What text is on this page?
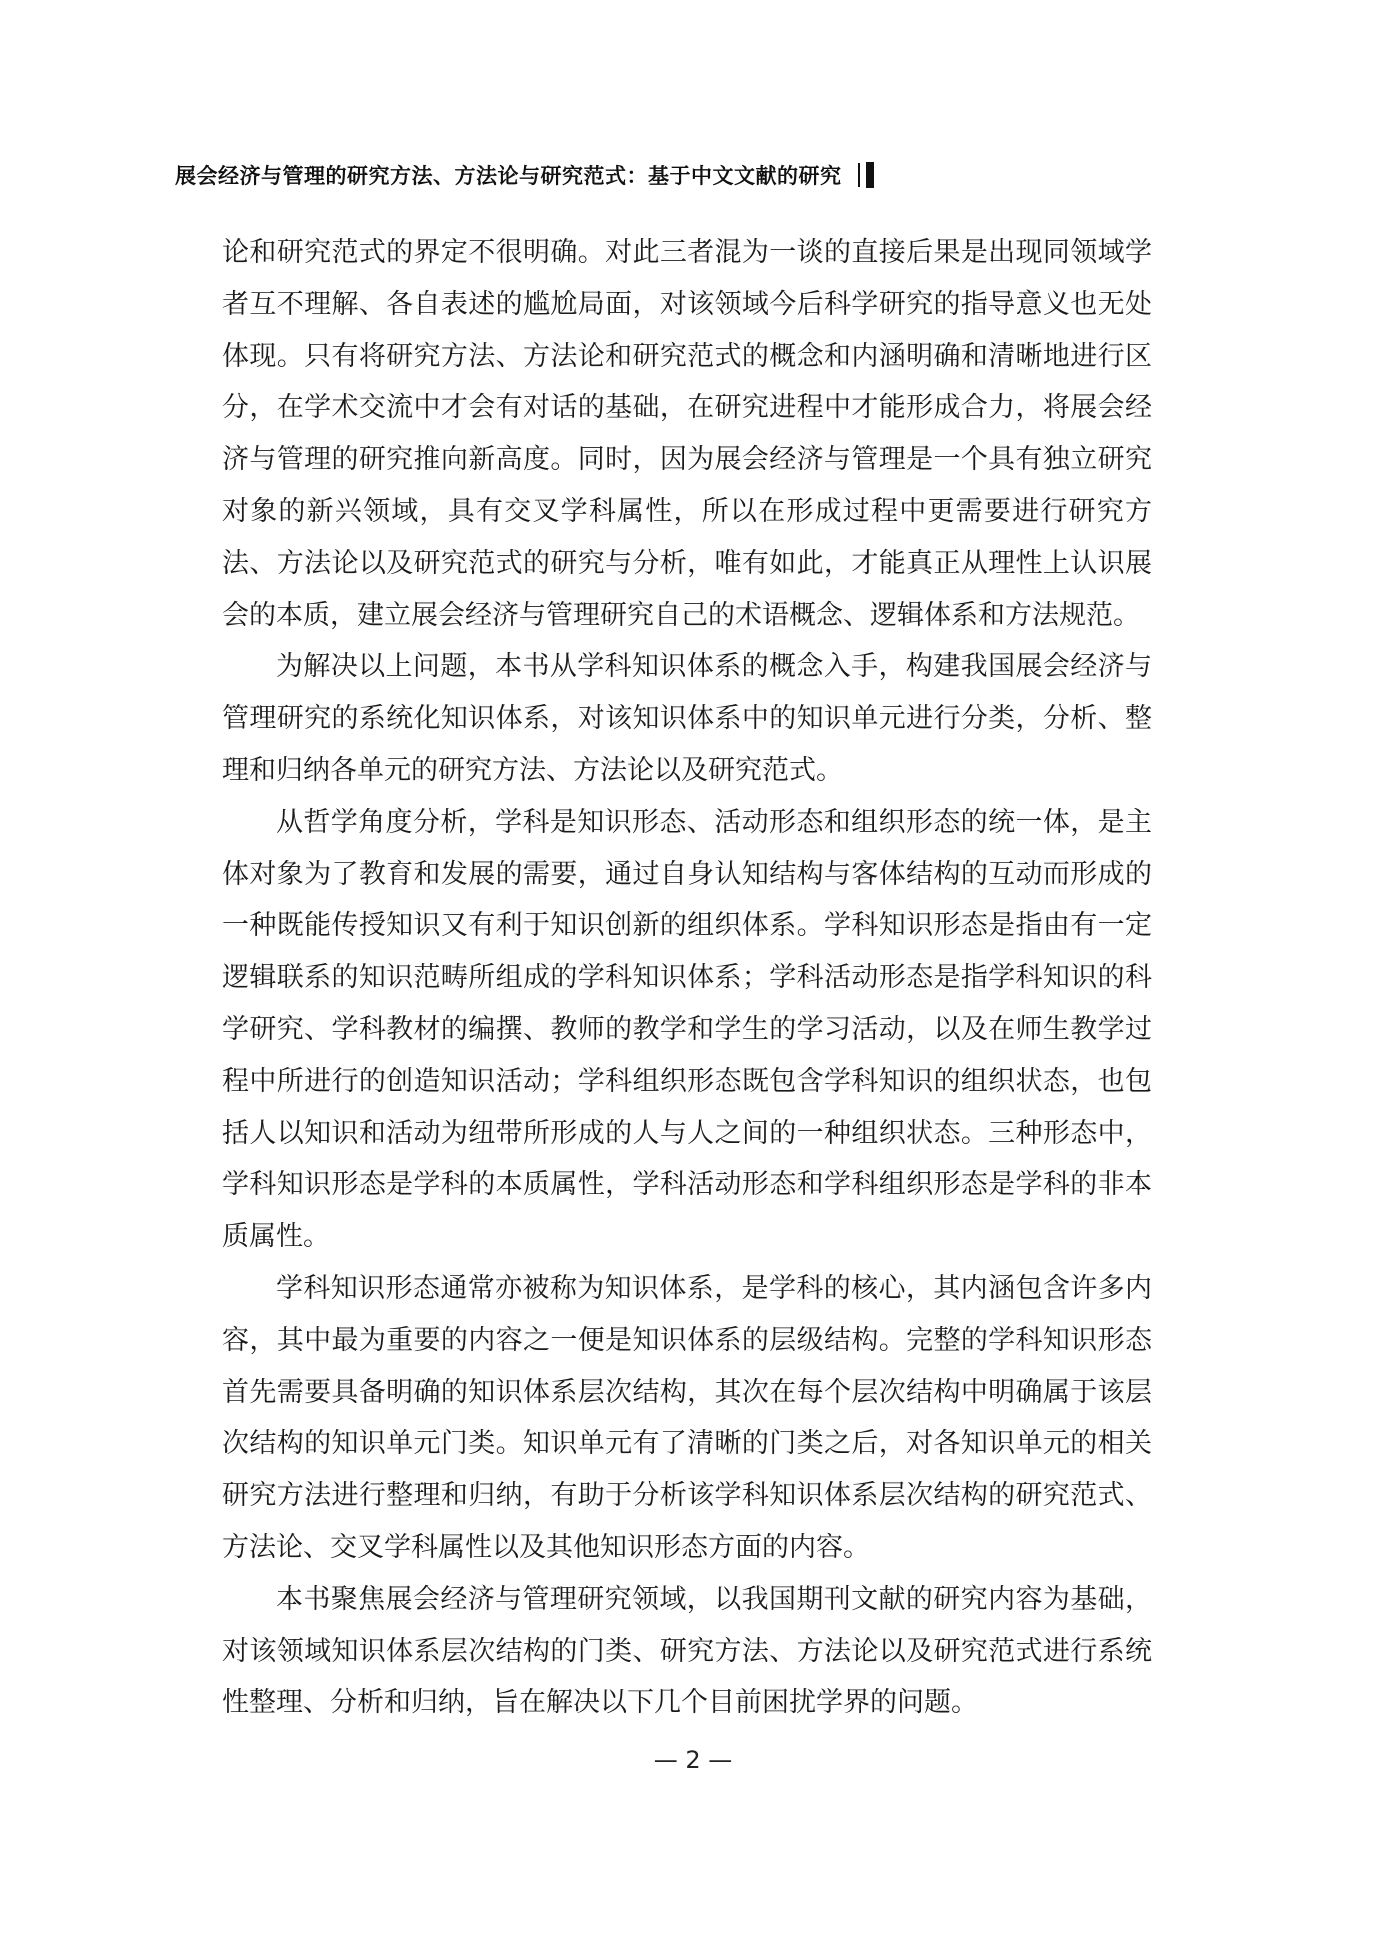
展会经济与管理的研究方法、方法论与研究范式：基于中文文献的研究

论和研究范式的界定不很明确。对此三者混为一谈的直接后果是出现同领域学者互不理解、各自表述的尴尬局面，对该领域今后科学研究的指导意义也无处体现。只有将研究方法、方法论和研究范式的概念和内涵明确和清晰地进行区分，在学术交流中才会有对话的基础，在研究进程中才能形成合力，将展会经济与管理的研究推向新高度。同时，因为展会经济与管理是一个具有独立研究对象的新兴领域，具有交叉学科属性，所以在形成过程中更需要进行研究方法、方法论以及研究范式的研究与分析，唯有如此，才能真正从理性上认识展会的本质，建立展会经济与管理研究自己的术语概念、逻辑体系和方法规范。

为解决以上问题，本书从学科知识体系的概念入手，构建我国展会经济与管理研究的系统化知识体系，对该知识体系中的知识单元进行分类，分析、整理和归纳各单元的研究方法、方法论以及研究范式。

从哲学角度分析，学科是知识形态、活动形态和组织形态的统一体，是主体对象为了教育和发展的需要，通过自身认知结构与客体结构的互动而形成的一种既能传授知识又有利于知识创新的组织体系。学科知识形态是指由有一定逻辑联系的知识范畴所组成的学科知识体系；学科活动形态是指学科知识的科学研究、学科教材的编撰、教师的教学和学生的学习活动，以及在师生教学过程中所进行的创造知识活动；学科组织形态既包含学科知识的组织状态，也包括人以知识和活动为纽带所形成的人与人之间的一种组织状态。三种形态中，学科知识形态是学科的本质属性，学科活动形态和学科组织形态是学科的非本质属性。

学科知识形态通常亦被称为知识体系，是学科的核心，其内涵包含许多内容，其中最为重要的内容之一便是知识体系的层级结构。完整的学科知识形态首先需要具备明确的知识体系层次结构，其次在每个层次结构中明确属于该层次结构的知识单元门类。知识单元有了清晰的门类之后，对各知识单元的相关研究方法进行整理和归纳，有助于分析该学科知识体系层次结构的研究范式、方法论、交叉学科属性以及其他知识形态方面的内容。

本书聚焦展会经济与管理研究领域，以我国期刊文献的研究内容为基础，对该领域知识体系层次结构的门类、研究方法、方法论以及研究范式进行系统性整理、分析和归纳，旨在解决以下几个目前困扰学界的问题。

— 2 —
